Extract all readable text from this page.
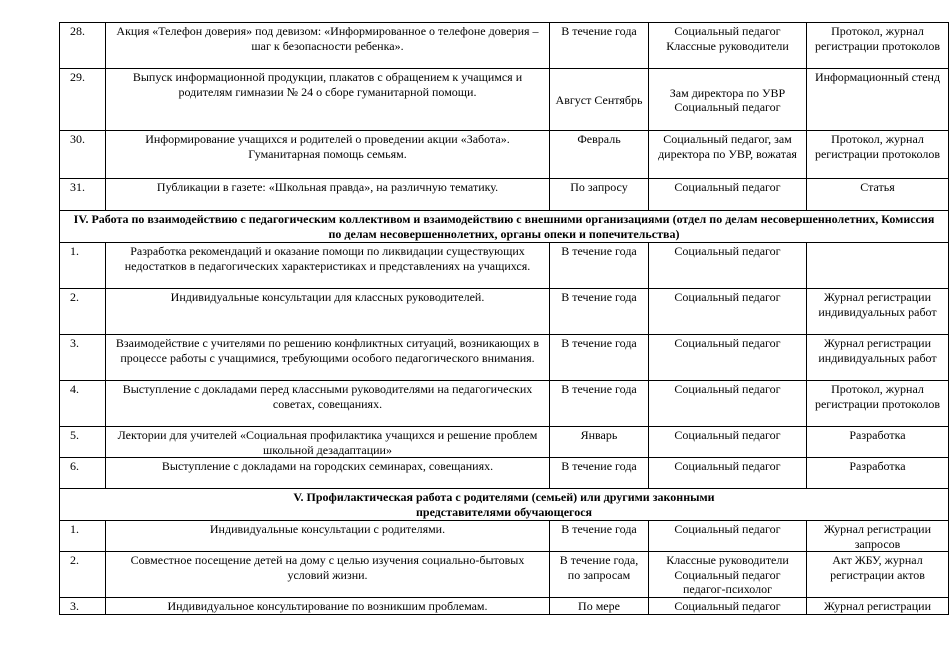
28.	Акция «Телефон доверия» под девизом: «Информированное о телефоне доверия – шаг к безопасности ребенка».	В течение года	Социальный педагог Классные руководители	Протокол, журнал регистрации протоколов
29.	Выпуск информационной продукции, плакатов с обращением к учащимся и родителям гимназии № 24 о сборе гуманитарной помощи.	Август Сентябрь	Зам директора по УВР Социальный педагог	Информационный стенд
30.	Информирование учащихся и родителей о проведении акции «Забота». Гуманитарная помощь семьям.	Февраль	Социальный педагог, зам директора по УВР, вожатая	Протокол, журнал регистрации протоколов
31.	Публикации в газете: «Школьная правда», на различную тематику.	По запросу	Социальный педагог	Статья
IV. Работа по взаимодействию с педагогическим коллективом и взаимодействию с внешними организациями (отдел по делам несовершеннолетних, Комиссия по делам несовершеннолетних, органы опеки и попечительства)				
1.	Разработка рекомендаций и оказание помощи по ликвидации существующих недостатков в педагогических характеристиках и представлениях на учащихся.	В течение года	Социальный педагог	
2.	Индивидуальные консультации для классных руководителей.	В течение года	Социальный педагог	Журнал регистрации индивидуальных работ
3.	Взаимодействие с учителями по решению конфликтных ситуаций, возникающих в процессе работы с учащимися, требующими особого педагогического внимания.	В течение года	Социальный педагог	Журнал регистрации индивидуальных работ
4.	Выступление с докладами перед классными руководителями на педагогических советах, совещаниях.	В течение года	Социальный педагог	Протокол, журнал регистрации протоколов
5.	Лектории для учителей «Социальная профилактика учащихся и решение проблем школьной дезадаптации»	Январь	Социальный педагог	Разработка
6.	Выступление с докладами на городских семинарах, совещаниях.	В течение года	Социальный педагог	Разработка
V. Профилактическая работа с родителями (семьей) или другими законными представителями обучающегося				
1.	Индивидуальные консультации с родителями.	В течение года	Социальный педагог	Журнал регистрации запросов
2.	Совместное посещение детей на дому с целью изучения социально-бытовых условий жизни.	В течение года, по запросам	Классные руководители Социальный педагог педагог-психолог	Акт ЖБУ, журнал регистрации актов
3.	Индивидуальное консультирование по возникшим проблемам.	По мере	Социальный педагог	Журнал регистрации
